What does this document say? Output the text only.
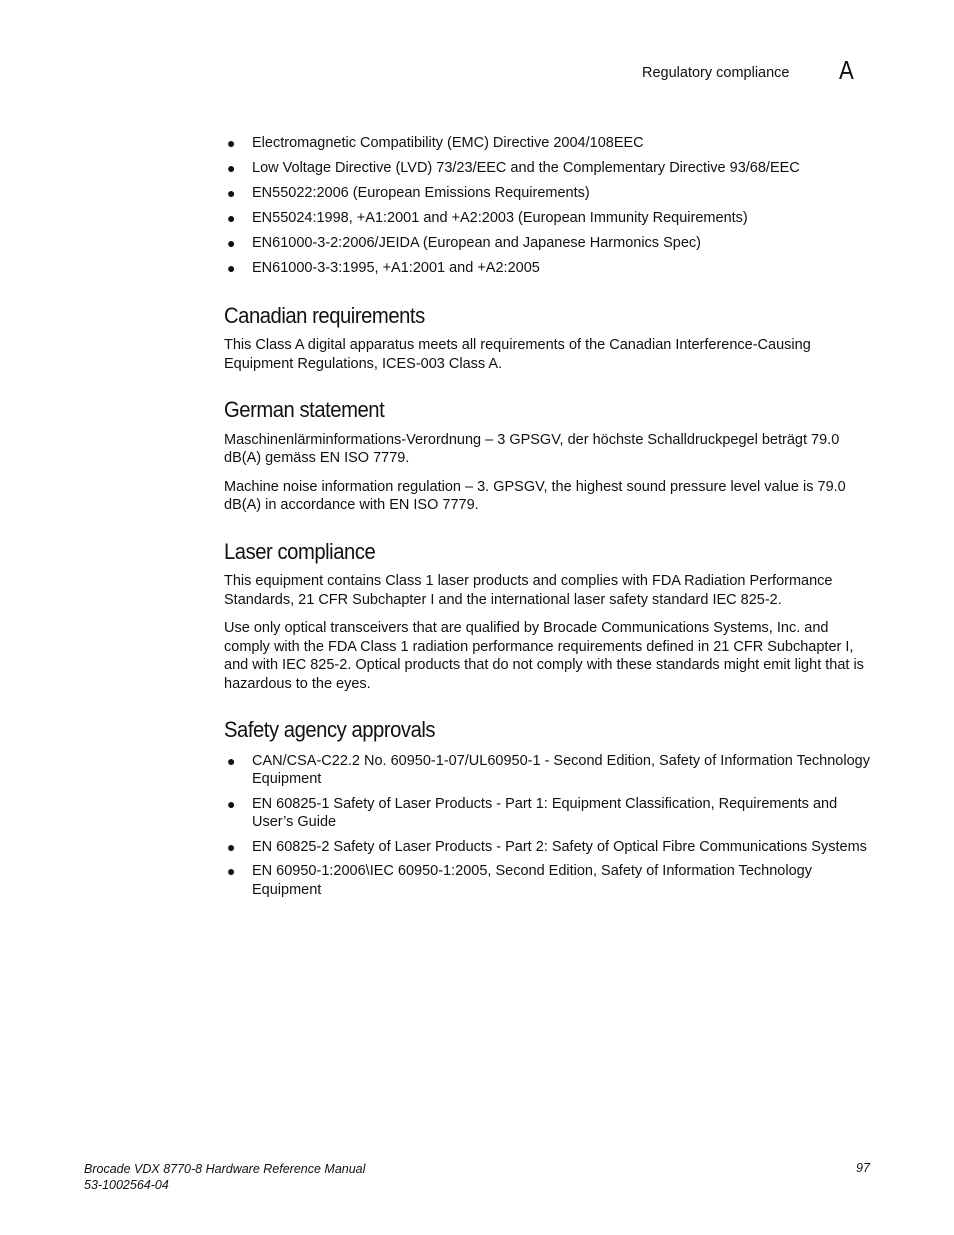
Regulatory compliance A
● Electromagnetic Compatibility (EMC) Directive 2004/108EEC
● Low Voltage Directive (LVD) 73/23/EEC and the Complementary Directive 93/68/EEC
● EN55022:2006 (European Emissions Requirements)
● EN55024:1998, +A1:2001 and +A2:2003 (European Immunity Requirements)
● EN61000-3-2:2006/JEIDA (European and Japanese Harmonics Spec)
● EN61000-3-3:1995, +A1:2001 and +A2:2005
Canadian requirements

This Class A digital apparatus meets all requirements of the Canadian Interference-Causing Equipment Regulations, ICES-003 Class A.

German statement

Maschinenlärminformations-Verordnung – 3 GPSGV, der höchste Schalldruckpegel beträgt 79.0 dB(A) gemäss EN ISO 7779.

Machine noise information regulation – 3. GPSGV, the highest sound pressure level value is 79.0 dB(A) in accordance with EN ISO 7779.

Laser compliance

This equipment contains Class 1 laser products and complies with FDA Radiation Performance Standards, 21 CFR Subchapter I and the international laser safety standard IEC 825-2.

Use only optical transceivers that are qualified by Brocade Communications Systems, Inc. and comply with the FDA Class 1 radiation performance requirements defined in 21 CFR Subchapter I, and with IEC 825-2. Optical products that do not comply with these standards might emit light that is hazardous to the eyes.

Safety agency approvals
● CAN/CSA-C22.2 No. 60950-1-07/UL60950-1 - Second Edition, Safety of Information Technology Equipment
● EN 60825-1 Safety of Laser Products - Part 1: Equipment Classification, Requirements and User’s Guide
● EN 60825-2 Safety of Laser Products - Part 2: Safety of Optical Fibre Communications Systems
● EN 60950-1:2006\IEC 60950-1:2005, Second Edition, Safety of Information Technology Equipment
Brocade VDX 8770-8 Hardware Reference Manual
53-1002564-04
97
